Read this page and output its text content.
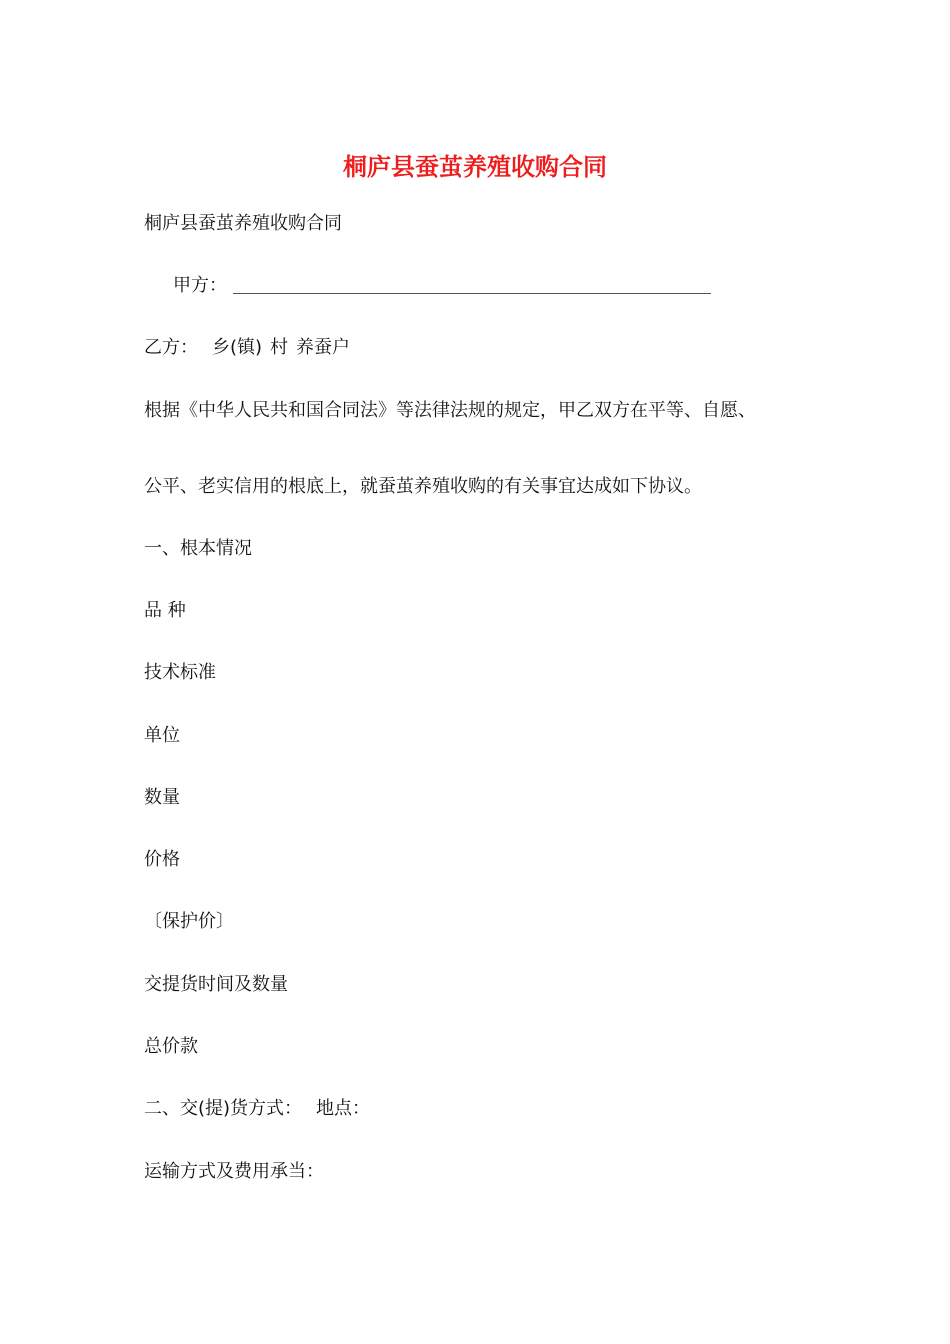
桐庐县蚕茧养殖收购合同
桐庐县蚕茧养殖收购合同
甲方：
乙方： 乡(镇) 村 养蚕户
根据《中华人民共和国合同法》等法律法规的规定，甲乙双方在平等、自愿、
公平、老实信用的根底上，就蚕茧养殖收购的有关事宜达成如下协议。
一、根本情况
品 种
技术标准
单位
数量
价格
〔保护价〕
交提货时间及数量
总价款
二、交(提)货方式： 地点：
运输方式及费用承当：
